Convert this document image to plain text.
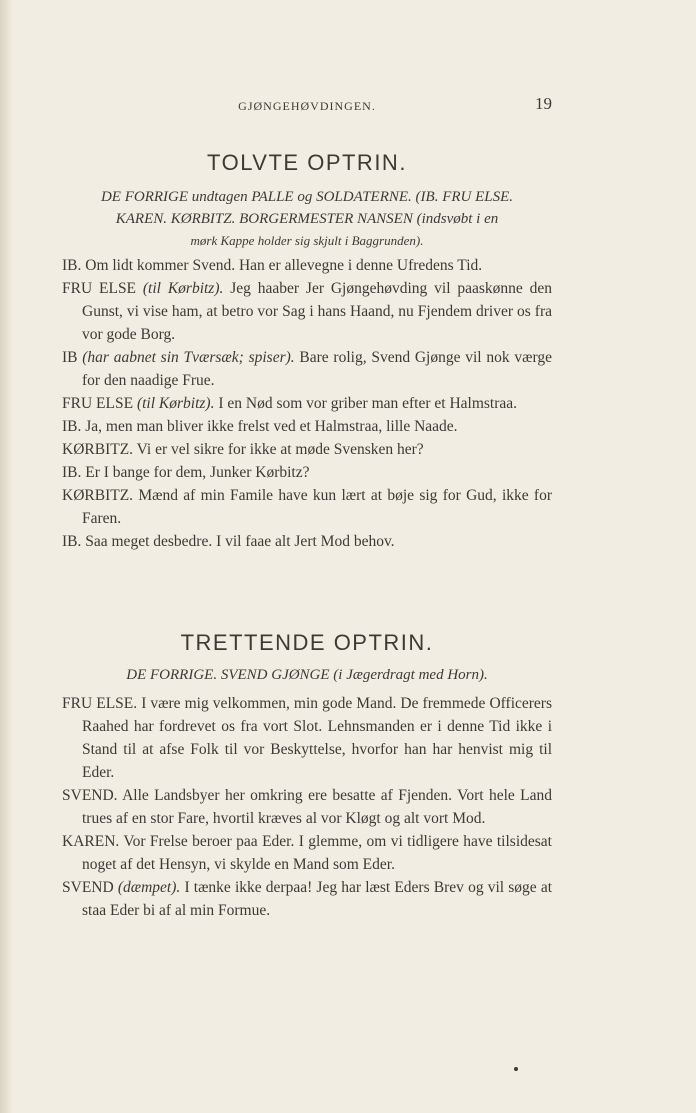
GJØNGEHØVDINGEN.	19
TOLVTE OPTRIN.
DE FORRIGE undtagen PALLE og SOLDATERNE. (IB. FRU ELSE.
KAREN. KØRBITZ. BORGERMESTER NANSEN (indsvøbt i en
mørk Kappe holder sig skjult i Baggrunden).

IB. Om lidt kommer Svend. Han er allevegne i denne Ufredens Tid.

FRU ELSE (til Kørbitz). Jeg haaber Jer Gjøngehøvding vil paaskønne den Gunst, vi vise ham, at betro vor Sag i hans Haand, nu Fjendem driver os fra vor gode Borg.

IB (har aabnet sin Tværsæk; spiser). Bare rolig, Svend Gjønge vil nok værge for den naadige Frue.

FRU ELSE (til Kørbitz). I en Nød som vor griber man efter et Halmstraa.

IB. Ja, men man bliver ikke frelst ved et Halmstraa, lille Naade.

KØRBITZ. Vi er vel sikre for ikke at møde Svensken her?

IB. Er I bange for dem, Junker Kørbitz?

KØRBITZ. Mænd af min Famile have kun lært at bøje sig for Gud, ikke for Faren.

IB. Saa meget desbedre. I vil faae alt Jert Mod behov.

TRETTENDE OPTRIN.
DE FORRIGE. SVEND GJØNGE (i Jægerdragt med Horn).

FRU ELSE. I være mig velkommen, min gode Mand. De fremmede Officerers Raahed har fordrevet os fra vort Slot. Lehnsmanden er i denne Tid ikke i Stand til at afse Folk til vor Beskyttelse, hvorfor han har henvist mig til Eder.

SVEND. Alle Landsbyer her omkring ere besatte af Fjenden. Vort hele Land trues af en stor Fare, hvortil kræves al vor Kløgt og alt vort Mod.

KAREN. Vor Frelse beroer paa Eder. I glemme, om vi tidligere have tilsidesat noget af det Hensyn, vi skylde en Mand som Eder.

SVEND (dæmpet). I tænke ikke derpaa! Jeg har læst Eders Brev og vil søge at staa Eder bi af al min Formue.
